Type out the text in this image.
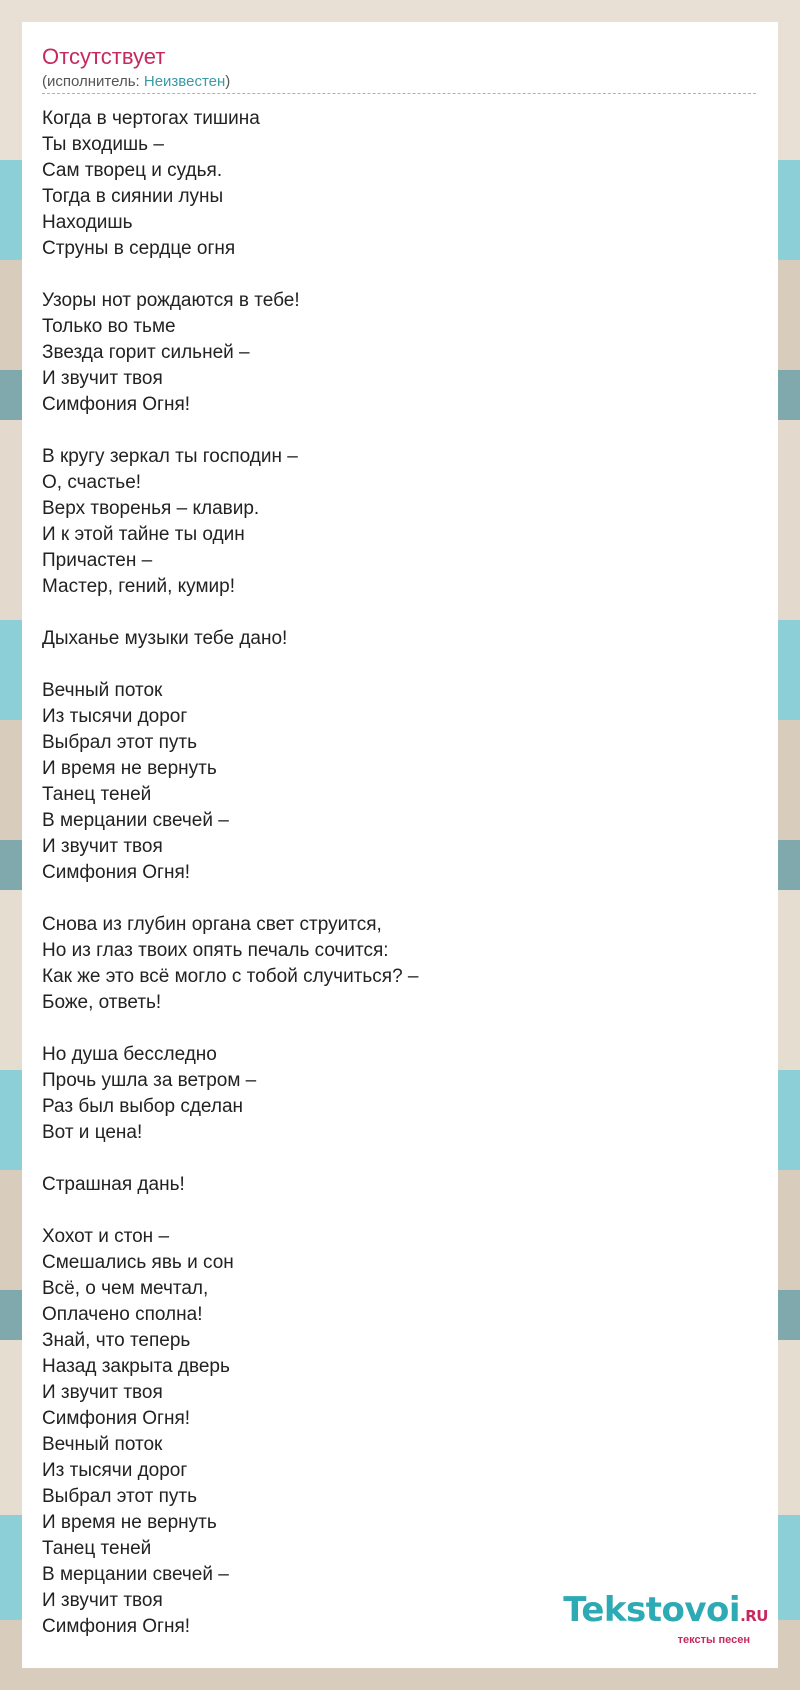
Отсутствует
(исполнитель: Неизвестен)
Когда в чертогах тишина
Ты входишь –
Сам творец и судья.
Тогда в сиянии луны
Находишь
Струны в сердце огня
Узоры нот рождаются в тебе!
Только во тьме
Звезда горит сильней –
И звучит твоя
Симфония Огня!
В кругу зеркал ты господин –
О, счастье!
Верх творенья – клавир.
И к этой тайне ты один
Причастен –
Мастер, гений, кумир!
Дыханье музыки тебе дано!
Вечный поток
Из тысячи дорог
Выбрал этот путь
И время не вернуть
Танец теней
В мерцании свечей –
И звучит твоя
Симфония Огня!
Снова из глубин органа свет струится,
Но из глаз твоих опять печаль сочится:
Как же это всё могло с тобой случиться? –
Боже, ответь!
Но душа бесследно
Прочь ушла за ветром –
Раз был выбор сделан
Вот и цена!
Страшная дань!
Хохот и стон –
Смешались явь и сон
Всё, о чем мечтал,
Оплачено сполна!
Знай, что теперь
Назад закрыта дверь
И звучит твоя
Симфония Огня!
Вечный поток
Из тысячи дорог
Выбрал этот путь
И время не вернуть
Танец теней
В мерцании свечей –
И звучит твоя
Симфония Огня!	Tekstovoi.RU
тексты песен
